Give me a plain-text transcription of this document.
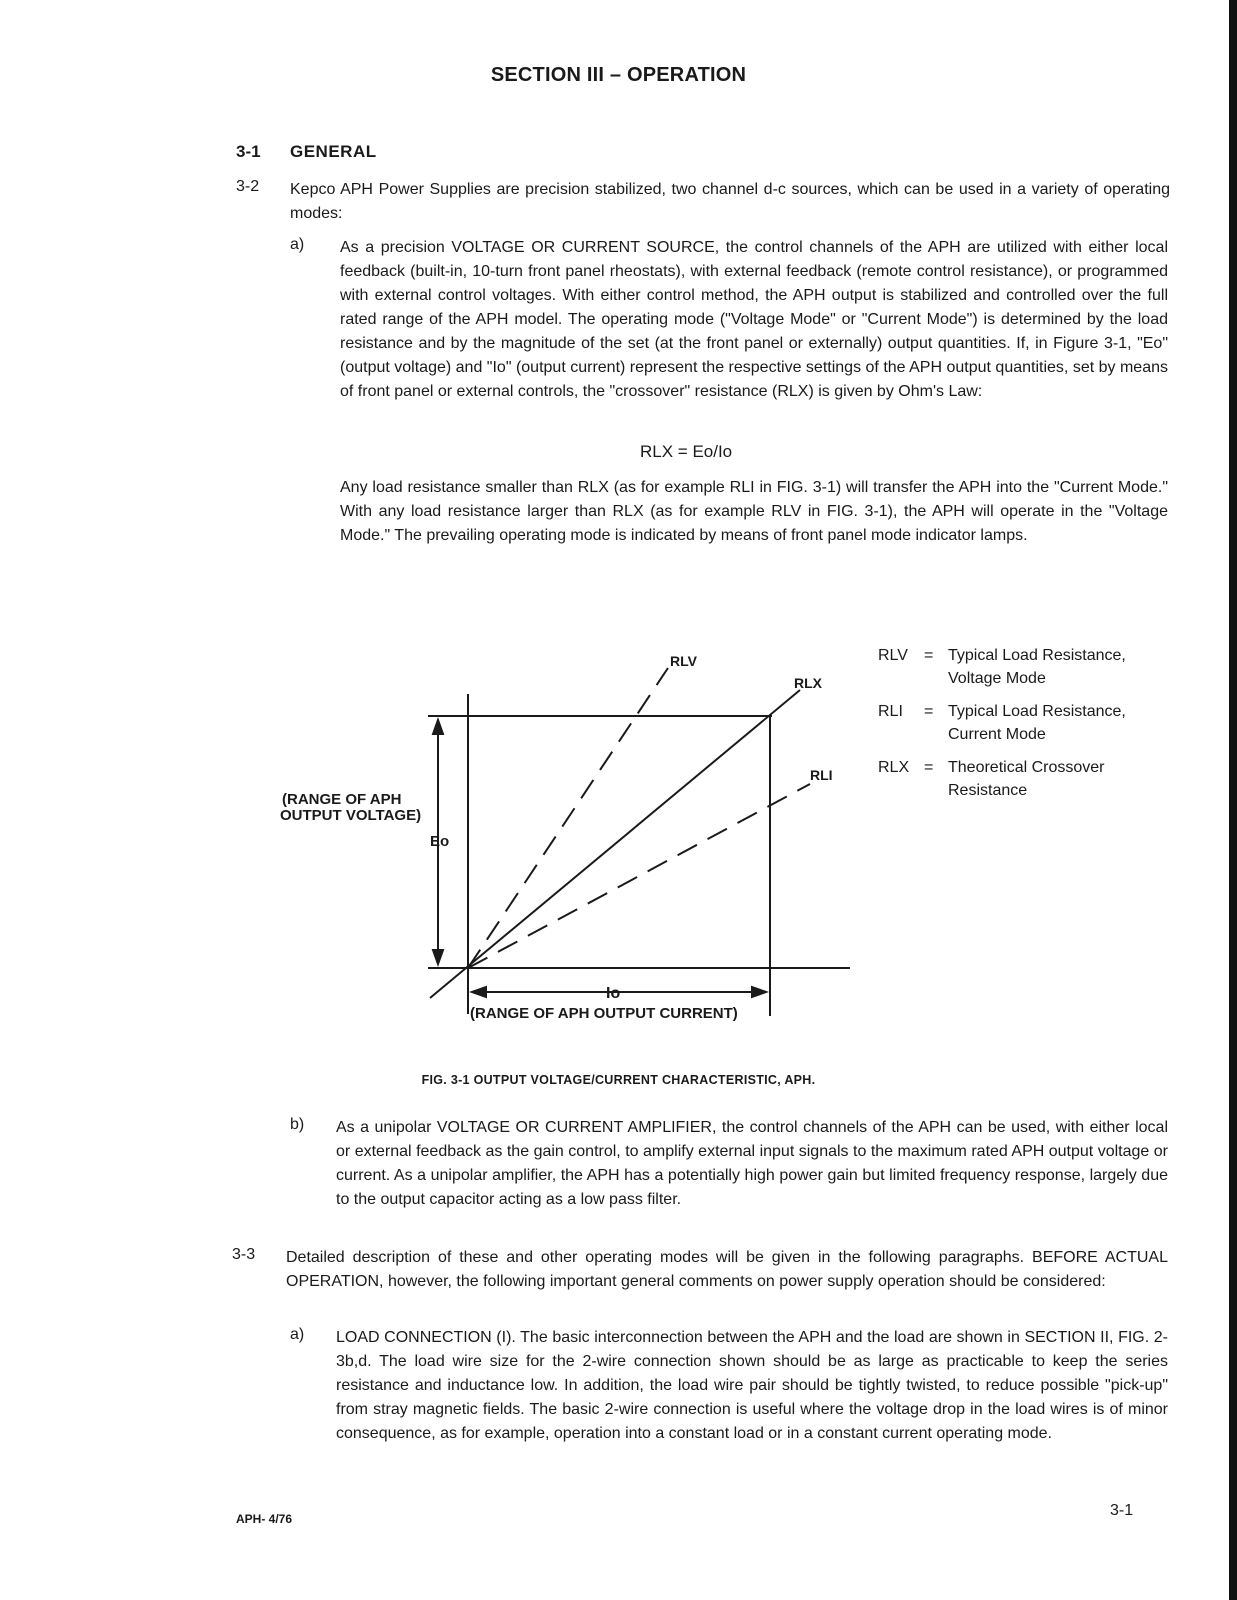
SECTION III – OPERATION
3-1 GENERAL
3-2 Kepco APH Power Supplies are precision stabilized, two channel d-c sources, which can be used in a variety of operating modes:
a) As a precision VOLTAGE OR CURRENT SOURCE, the control channels of the APH are utilized with either local feedback (built-in, 10-turn front panel rheostats), with external feedback (remote control resistance), or programmed with external control voltages. With either control method, the APH output is stabilized and controlled over the full rated range of the APH model. The operating mode ("Voltage Mode" or "Current Mode") is determined by the load resistance and by the magnitude of the set (at the front panel or externally) output quantities. If, in Figure 3-1, "Eo" (output voltage) and "Io" (output current) represent the respective settings of the APH output quantities, set by means of front panel or external controls, the "crossover" resistance (RLX) is given by Ohm's Law:
RLX = Eo/Io
Any load resistance smaller than RLX (as for example RLI in FIG. 3-1) will transfer the APH into the "Current Mode." With any load resistance larger than RLX (as for example RLV in FIG. 3-1), the APH will operate in the "Voltage Mode." The prevailing operating mode is indicated by means of front panel mode indicator lamps.
RLV
RLX
RLI
(RANGE OF APH
OUTPUT VOLTAGE)
Eo
Io
(RANGE OF APH OUTPUT CURRENT)
RLV	= Typical Load Resistance, Voltage Mode
RLI	= Typical Load Resistance, Current Mode
RLX = Theoretical Crossover Resistance
FIG. 3-1 OUTPUT VOLTAGE/CURRENT CHARACTERISTIC, APH.
b) As a unipolar VOLTAGE OR CURRENT AMPLIFIER, the control channels of the APH can be used, with either local or external feedback as the gain control, to amplify external input signals to the maximum rated APH output voltage or current. As a unipolar amplifier, the APH has a potentially high power gain but limited frequency response, largely due to the output capacitor acting as a low pass filter.
3-3 Detailed description of these and other operating modes will be given in the following paragraphs. BEFORE ACTUAL OPERATION, however, the following important general comments on power supply operation should be considered:
a) LOAD CONNECTION (I). The basic interconnection between the APH and the load are shown in SECTION II, FIG. 2-3b,d. The load wire size for the 2-wire connection shown should be as large as practicable to keep the series resistance and inductance low. In addition, the load wire pair should be tightly twisted, to reduce possible "pick-up" from stray magnetic fields. The basic 2-wire connection is useful where the voltage drop in the load wires is of minor consequence, as for example, operation into a constant load or in a constant current operating mode.
APH- 4/76	3-1
